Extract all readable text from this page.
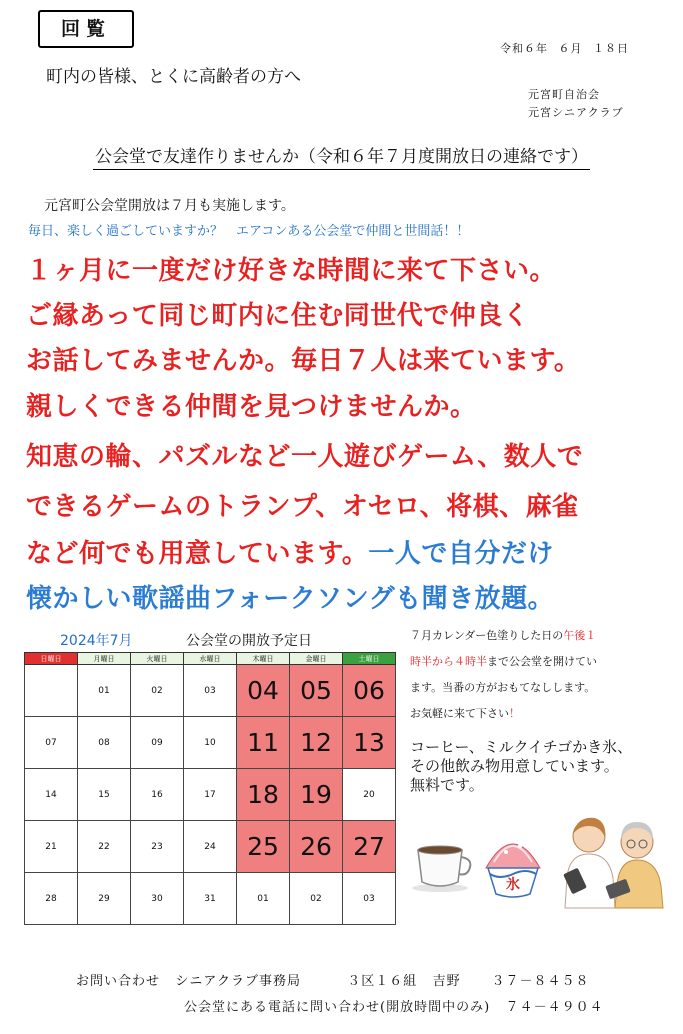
回覧
令和６年 ６月 １８日
町内の皆様、とくに高齢者の方へ
元宮町自治会
元宮シニアクラブ
公会堂で友達作りませんか（令和６年７月度開放日の連絡です）
元宮町公会堂開放は７月も実施します。
毎日、楽しく過ごしていますか？　エアコンある公会堂で仲間と世間話！！
１ヶ月に一度だけ好きな時間に来て下さい。
ご縁あって同じ町内に住む同世代で仲良く
お話してみませんか。毎日７人は来ています。
親しくできる仲間を見つけませんか。
知恵の輪、パズルなど一人遊びゲーム、数人で
できるゲームのトランプ、オセロ、将棋、麻雀
など何でも用意しています。一人で自分だけ
懐かしい歌謡曲フォークソングも聞き放題。
2024年7月	公会堂の開放予定日
日曜日	月曜日	火曜日	水曜日	木曜日	金曜日	土曜日
	01	02	03	04	05	06
07	08	09	10	11	12	13
14	15	16	17	18	19	20
21	22	23	24	25	26	27
28	29	30	31	01	02	03
７月カレンダー色塗りした日の午後１
時半から４時半まで公会堂を開けてい
ます。当番の方がおもてなしします。
お気軽に来て下さい！
コーヒー、ミルクイチゴかき氷、
その他飲み物用意しています。
無料です。
氷
お問い合わせ シニアクラブ事務局	３区１６組 吉野 ３７－８４５８
公会堂にある電話に問い合わせ(開放時間中のみ) ７４－４９０４
